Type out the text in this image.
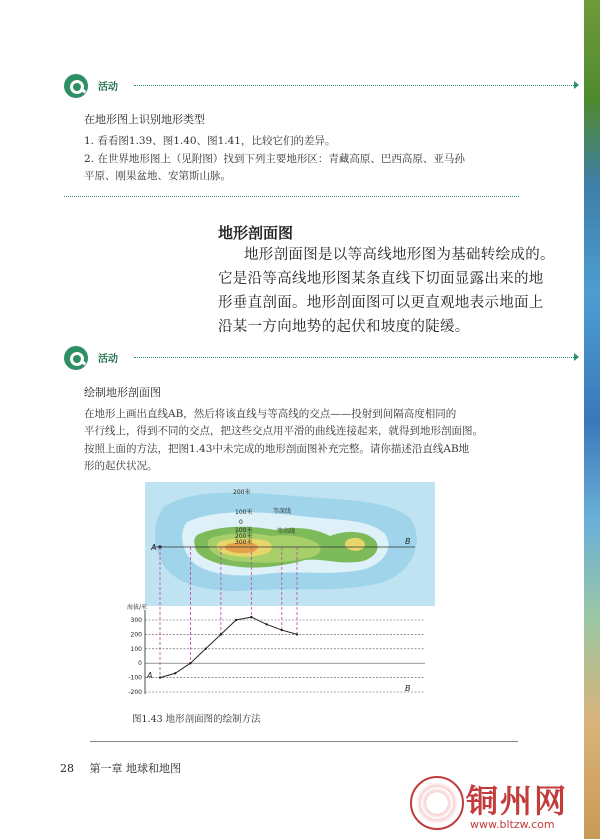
活动
在地形图上识别地形类型
1. 看看图1.39、图1.40、图1.41，比较它们的差异。
2. 在世界地形图上（见附图）找到下列主要地形区：青藏高原、巴西高原、亚马孙
平原、刚果盆地、安第斯山脉。
地形剖面图
地形剖面图是以等高线地形图为基础转绘成的。
它是沿等高线地形图某条直线下切面显露出来的地
形垂直剖面。地形剖面图可以更直观地表示地面上
沿某一方向地势的起伏和坡度的陡缓。
活动
绘制地形剖面图
在地形上画出直线AB，然后将该直线与等高线的交点——投射到间隔高度相同的
平行线上，得到不同的交点，把这些交点用平滑的曲线连接起来，就得到地形剖面图。
按照上面的方法，把图1.43中未完成的地形剖面图补充完整。请你描述沿直线AB地
形的起伏状况。
200米
100米	等深线
0
100米
200米
300米
等高线
A
B
300
200
100
0
-100
-200
海拔/米
A
B
图1.43 地形剖面图的绘制方法
28 第一章 地球和地图
铜州网
www.bltzw.com
